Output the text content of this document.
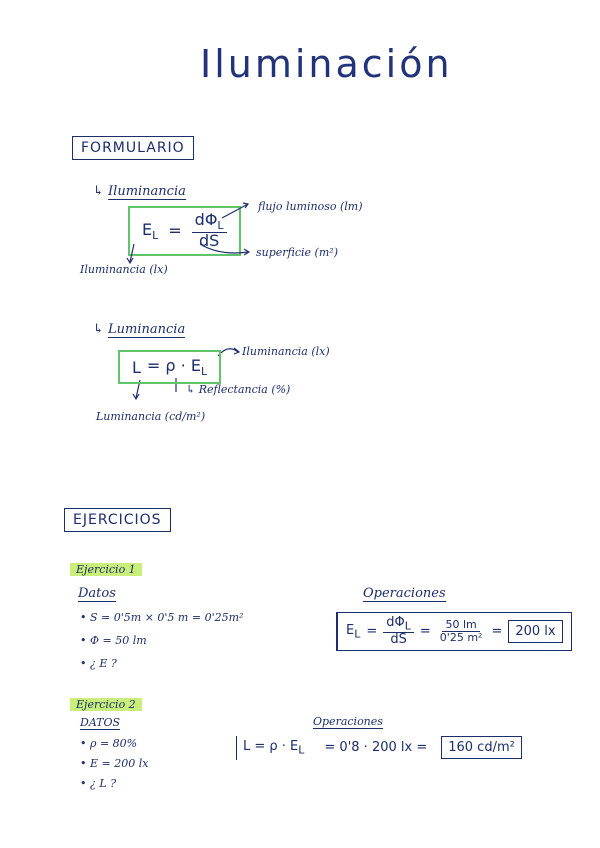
Iluminación
FORMULARIO
↳ Iluminancia
$E_L = \frac{d\Phi_L}{dS}$
flujo luminoso (lm)
superficie (m²)
Iluminancia (lx)
↳ Luminancia
$L = \rho \cdot E_L$
Iluminancia (lx)
↳ Reflectancia (%)
Luminancia (cd/m²)
EJERCICIOS
Ejercicio 1
Datos
• S = 0'5m × 0'5 m = 0'25m²
• Φ = 50 lm
• ¿ E ?
Operaciones
$E_L = \frac{d\Phi_L}{dS} = \frac{50 lm}{\text{0'25 m²}}$ =	200 lx
Ejercicio 2
DATOS
• ρ = 80%
• E = 200 lx
• ¿ L ?
Operaciones
$L = \rho \cdot E_L$	= 0'8 · 200 lx =	160 cd/m²
